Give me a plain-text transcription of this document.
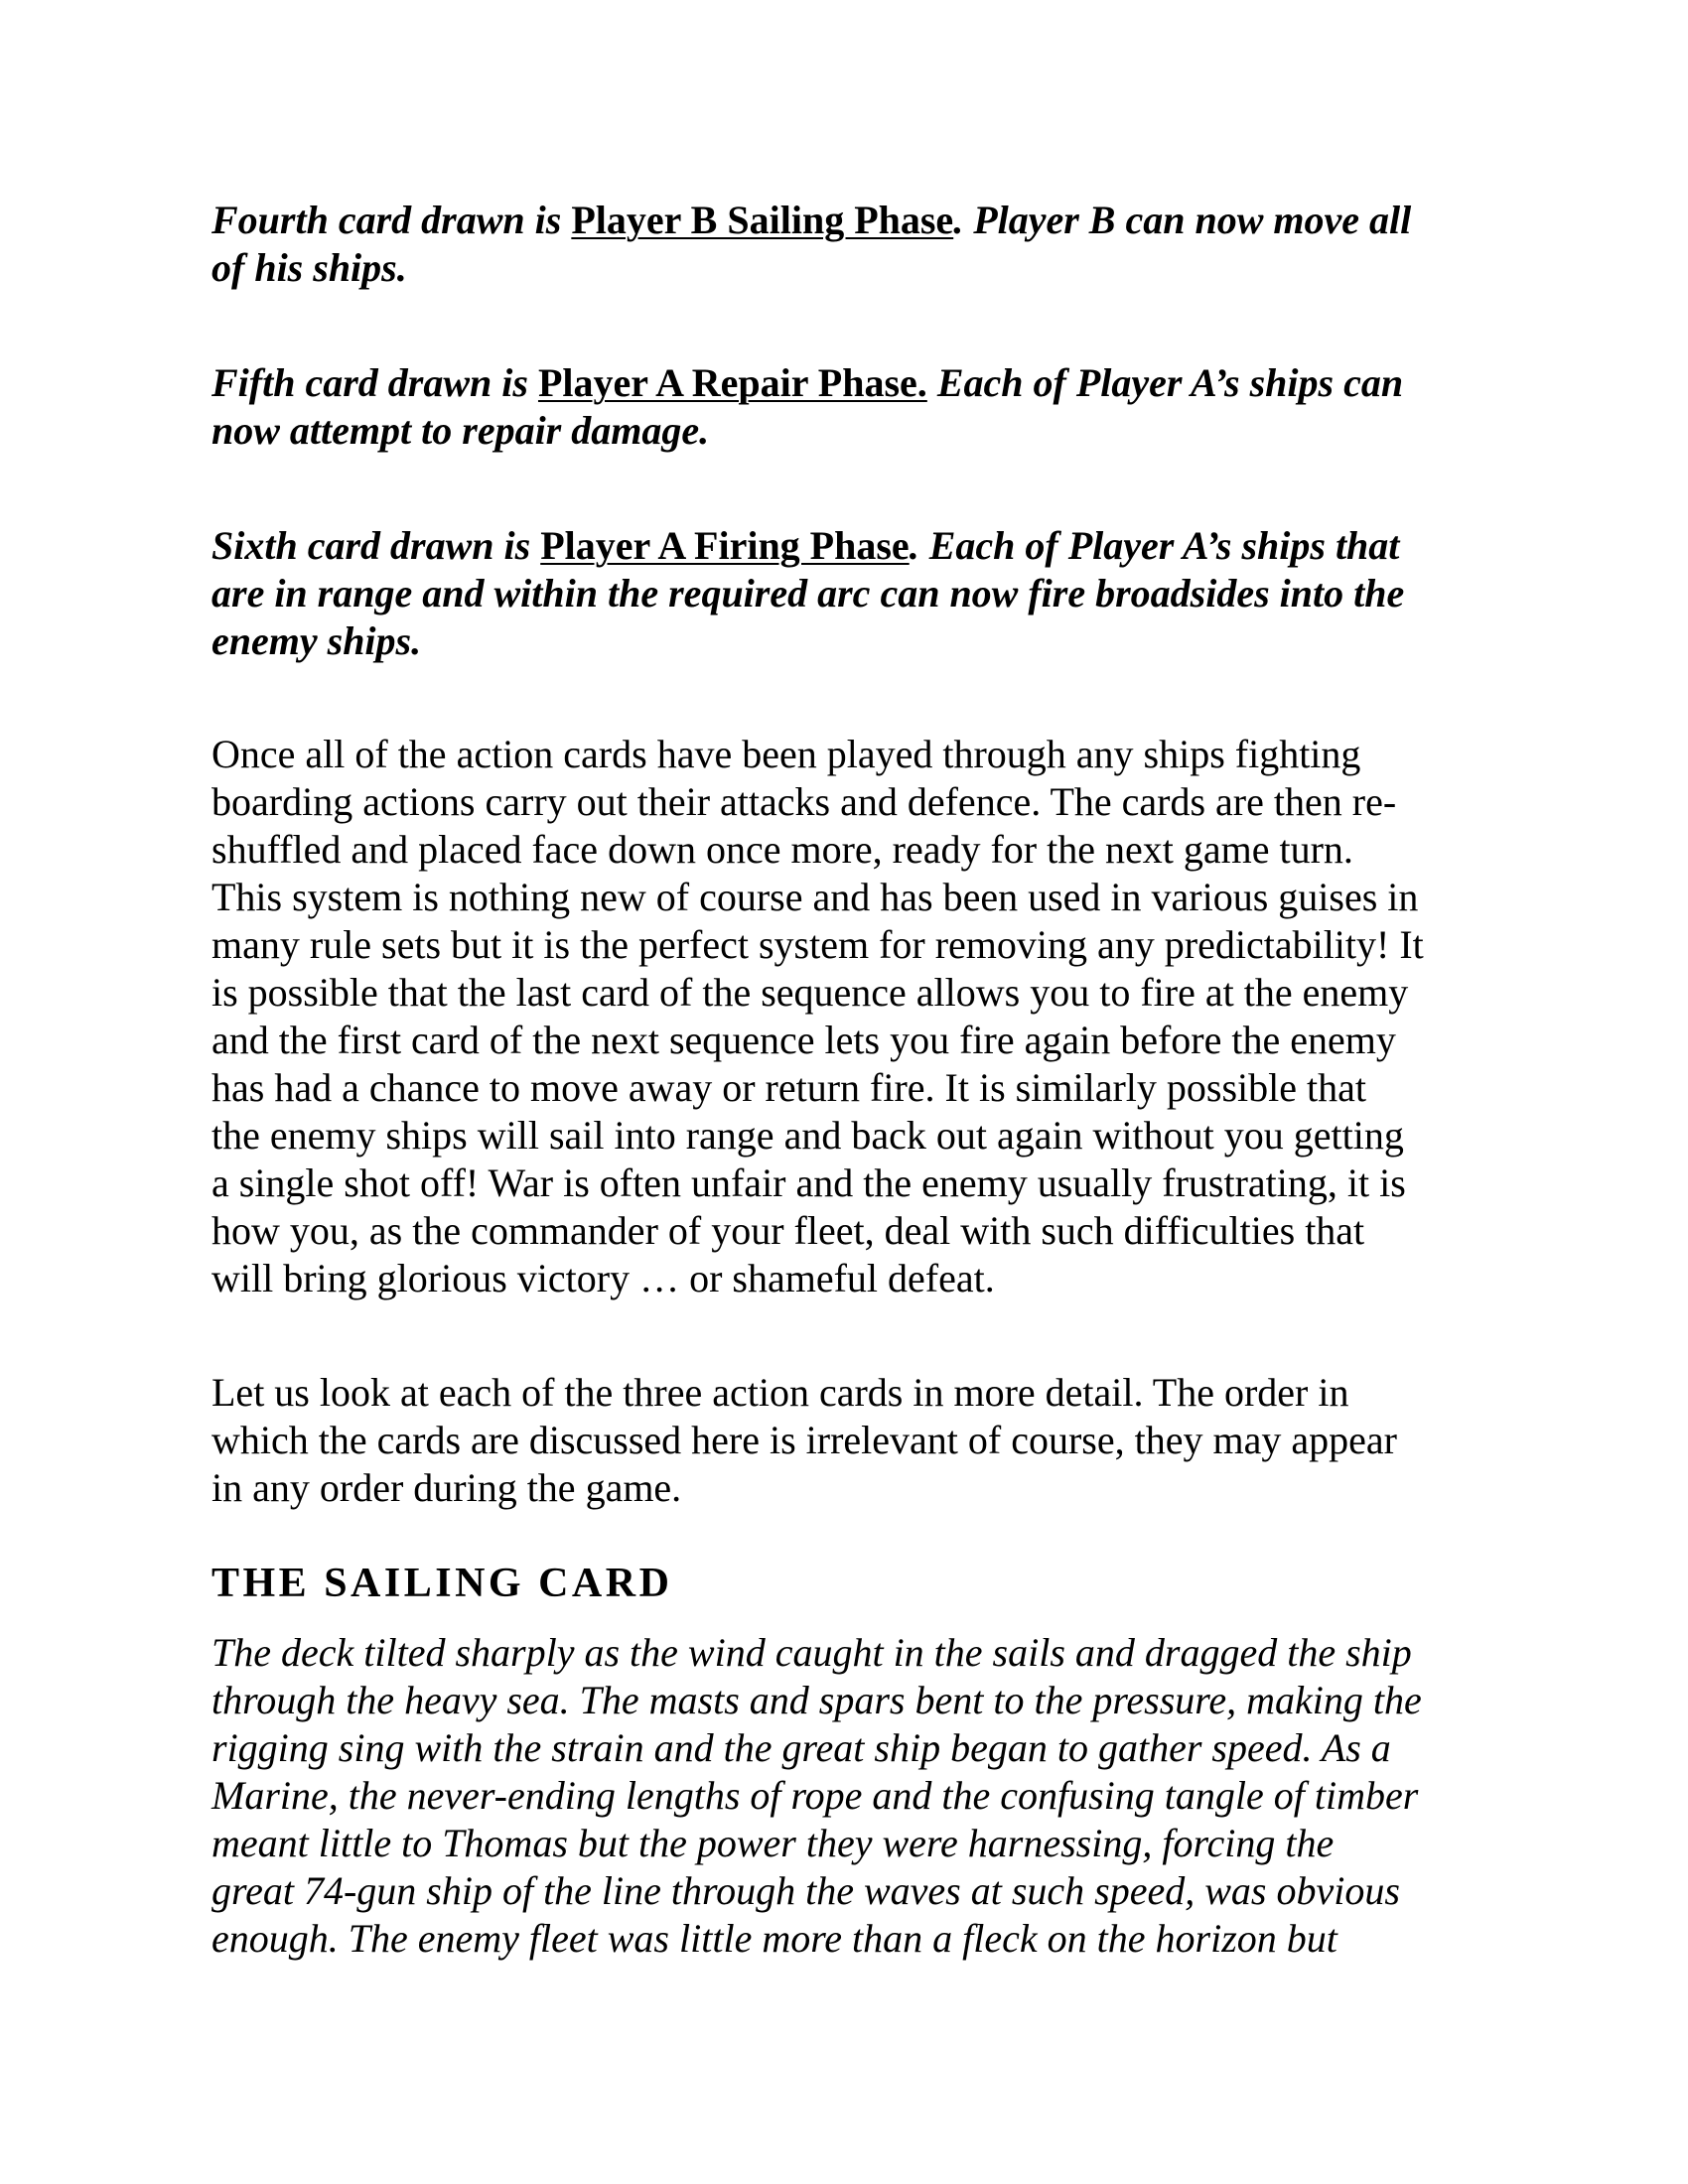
Fourth card drawn is Player B Sailing Phase. Player B can now move all
of his ships.

Fifth card drawn is Player A Repair Phase. Each of Player A’s ships can
now attempt to repair damage.

Sixth card drawn is Player A Firing Phase. Each of Player A’s ships that
are in range and within the required arc can now fire broadsides into the
enemy ships.

Once all of the action cards have been played through any ships fighting
boarding actions carry out their attacks and defence. The cards are then re-
shuffled and placed face down once more, ready for the next game turn.
This system is nothing new of course and has been used in various guises in
many rule sets but it is the perfect system for removing any predictability! It
is possible that the last card of the sequence allows you to fire at the enemy
and the first card of the next sequence lets you fire again before the enemy
has had a chance to move away or return fire. It is similarly possible that
the enemy ships will sail into range and back out again without you getting
a single shot off! War is often unfair and the enemy usually frustrating, it is
how you, as the commander of your fleet, deal with such difficulties that
will bring glorious victory … or shameful defeat.

Let us look at each of the three action cards in more detail. The order in
which the cards are discussed here is irrelevant of course, they may appear
in any order during the game.

THE SAILING CARD

The deck tilted sharply as the wind caught in the sails and dragged the ship
through the heavy sea. The masts and spars bent to the pressure, making the
rigging sing with the strain and the great ship began to gather speed. As a
Marine, the never-ending lengths of rope and the confusing tangle of timber
meant little to Thomas but the power they were harnessing, forcing the
great 74-gun ship of the line through the waves at such speed, was obvious
enough. The enemy fleet was little more than a fleck on the horizon but
